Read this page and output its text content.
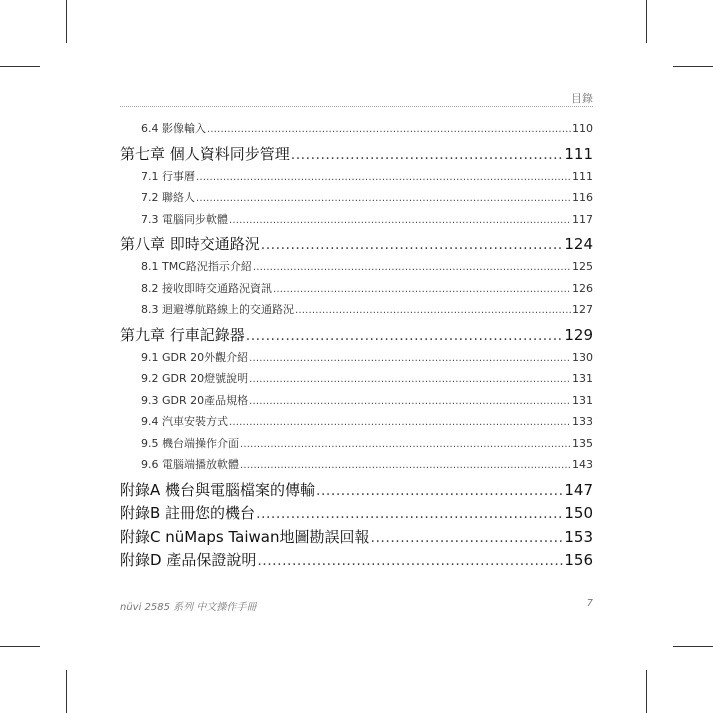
目錄
6.4 影像輸入 .....	110
第七章 個人資料同步管理 .....	111
7.1 行事曆 .....	111
7.2 聯絡人 .....	116
7.3 電腦同步軟體 .....	117
第八章 即時交通路況 .....	124
8.1 TMC路況指示介紹 .....	125
8.2 接收即時交通路況資訊 .....	126
8.3 迴避導航路線上的交通路況 .....	127
第九章 行車記錄器 .....	129
9.1 GDR 20外觀介紹 .....	130
9.2 GDR 20燈號說明 .....	131
9.3 GDR 20產品規格 .....	131
9.4 汽車安裝方式 .....	133
9.5 機台端操作介面 .....	135
9.6 電腦端播放軟體 .....	143
附錄A 機台與電腦檔案的傳輸 .....	147
附錄B 註冊您的機台 .....	150
附錄C nüMaps Taiwan地圖勘誤回報 .....	153
附錄D 產品保證說明 .....	156
nüvi 2585 系列 中文操作手冊	7
